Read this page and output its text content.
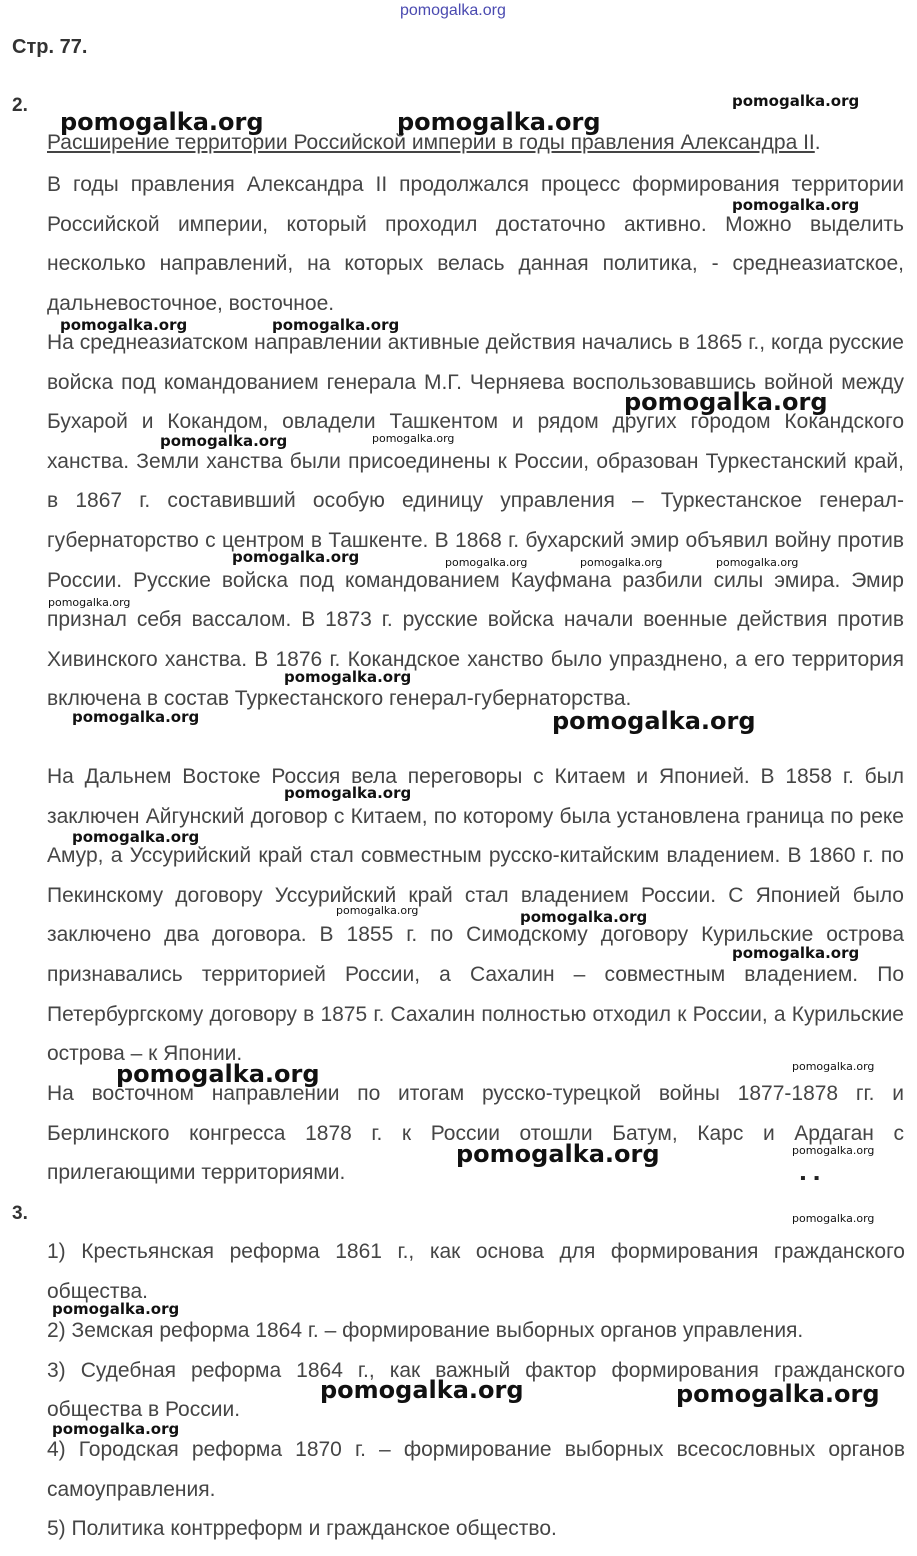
pomogalka.org
Стр. 77.
2.
Расширение территории Российской империи в годы правления Александра II.

В годы правления Александра II продолжался процесс формирования территории Российской империи, который проходил достаточно активно. Можно выделить несколько направлений, на которых велась данная политика, - среднеазиатское, дальневосточное, восточное.

На среднеазиатском направлении активные действия начались в 1865 г., когда русские войска под командованием генерала М.Г. Черняева воспользовавшись войной между Бухарой и Кокандом, овладели Ташкентом и рядом других городом Кокандского ханства. Земли ханства были присоединены к России, образован Туркестанский край, в 1867 г. составивший особую единицу управления – Туркестанское генерал-губернаторство с центром в Ташкенте. В 1868 г. бухарский эмир объявил войну против России. Русские войска под командованием Кауфмана разбили силы эмира. Эмир признал себя вассалом. В 1873 г. русские войска начали военные действия против Хивинского ханства. В 1876 г. Кокандское ханство было упразднено, а его территория включена в состав Туркестанского генерал-губернаторства.

На Дальнем Востоке Россия вела переговоры с Китаем и Японией. В 1858 г. был заключен Айгунский договор с Китаем, по которому была установлена граница по реке Амур, а Уссурийский край стал совместным русско-китайским владением. В 1860 г. по Пекинскому договору Уссурийский край стал владением России. С Японией было заключено два договора. В 1855 г. по Симодскому договору Курильские острова признавались территорией России, а Сахалин – совместным владением. По Петербургскому договору в 1875 г. Сахалин полностью отходил к России, а Курильские острова – к Японии.

На восточном направлении по итогам русско-турецкой войны 1877-1878 гг. и Берлинского конгресса 1878 г. к России отошли Батум, Карс и Ардаган с прилегающими территориями.	▪▪
3.
1) Крестьянская реформа 1861 г., как основа для формирования гражданского общества.
2) Земская реформа 1864 г. – формирование выборных органов управления.
3) Судебная реформа 1864 г., как важный фактор формирования гражданского общества в России.
4) Городская реформа 1870 г. – формирование выборных всесословных органов самоуправления.
5) Политика контрреформ и гражданское общество.
pomogalka.org	pomogalka.org
pomogalka.org
pomogalka.org
pomogalka.org	pomogalka.org
pomogalka.org
pomogalka.org	pomogalka.org
pomogalka.org	pomogalka.org	pomogalka.org	pomogalka.org
pomogalka.org
pomogalka.org
pomogalka.org	pomogalka.org
pomogalka.org
pomogalka.org
pomogalka.org	pomogalka.org
pomogalka.org
pomogalka.org	pomogalka.org
pomogalka.org	pomogalka.org
pomogalka.org
pomogalka.org
pomogalka.org	pomogalka.org
pomogalka.org
